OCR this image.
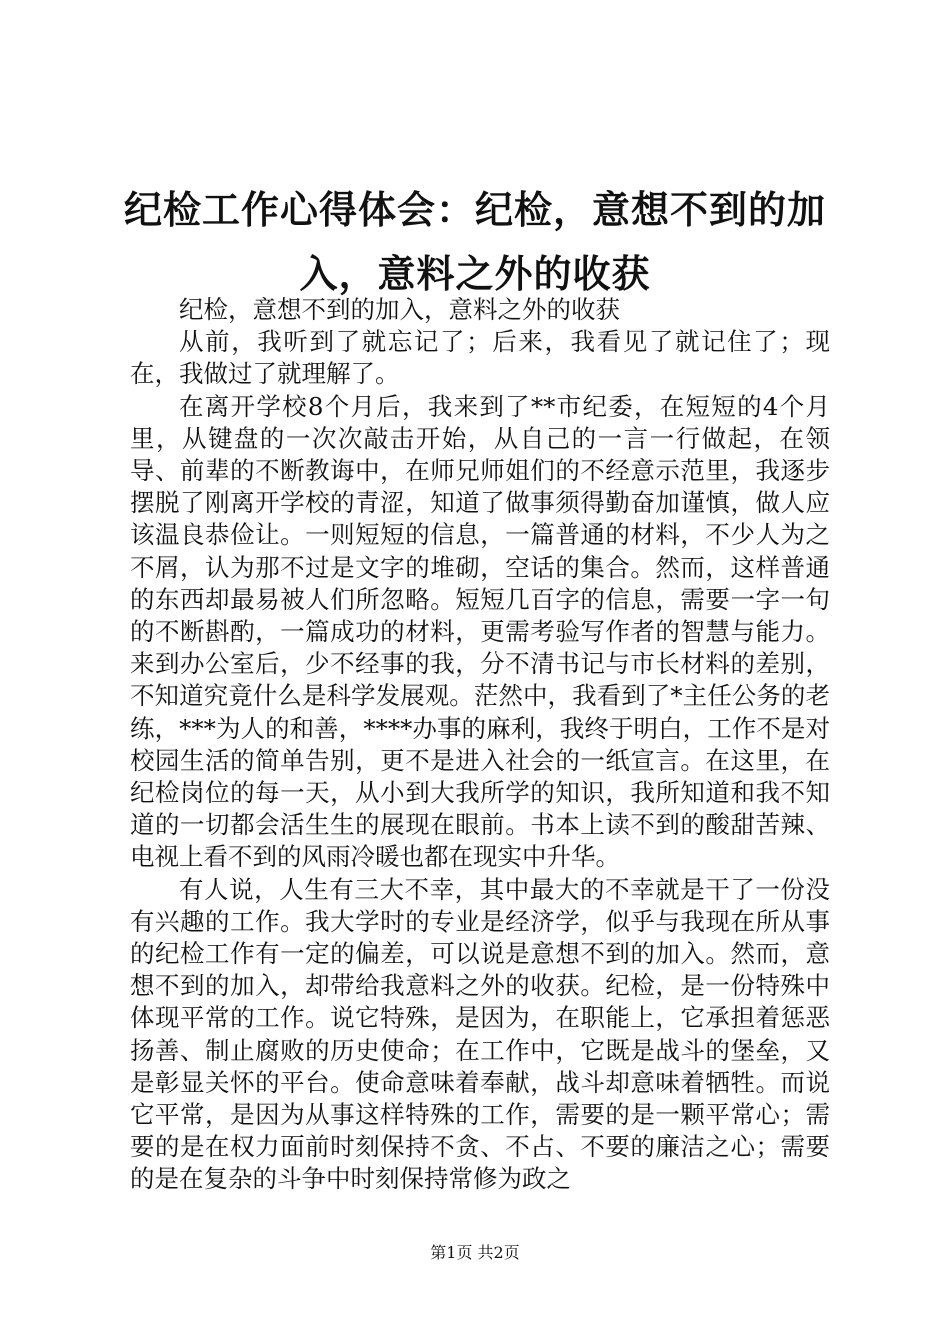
纪检工作心得体会：纪检，意想不到的加入，意料之外的收获

纪检，意想不到的加入，意料之外的收获

从前，我听到了就忘记了；后来，我看见了就记住了；现在，我做过了就理解了。

在离开学校8个月后，我来到了**市纪委，在短短的4个月里，从键盘的一次次敲击开始，从自己的一言一行做起，在领导、前辈的不断教诲中，在师兄师姐们的不经意示范里，我逐步摆脱了刚离开学校的青涩，知道了做事须得勤奋加谨慎，做人应该温良恭俭让。一则短短的信息，一篇普通的材料，不少人为之不屑，认为那不过是文字的堆砌，空话的集合。然而，这样普通的东西却最易被人们所忽略。短短几百字的信息，需要一字一句的不断斟酌，一篇成功的材料，更需考验写作者的智慧与能力。来到办公室后，少不经事的我，分不清书记与市长材料的差别，不知道究竟什么是科学发展观。茫然中，我看到了*主任公务的老练，***为人的和善，****办事的麻利，我终于明白，工作不是对校园生活的简单告别，更不是进入社会的一纸宣言。在这里，在纪检岗位的每一天，从小到大我所学的知识，我所知道和我不知道的一切都会活生生的展现在眼前。书本上读不到的酸甜苦辣、电视上看不到的风雨冷暖也都在现实中升华。

有人说，人生有三大不幸，其中最大的不幸就是干了一份没有兴趣的工作。我大学时的专业是经济学，似乎与我现在所从事的纪检工作有一定的偏差，可以说是意想不到的加入。然而，意想不到的加入，却带给我意料之外的收获。纪检，是一份特殊中体现平常的工作。说它特殊，是因为，在职能上，它承担着惩恶扬善、制止腐败的历史使命；在工作中，它既是战斗的堡垒，又是彰显关怀的平台。使命意味着奉献，战斗却意味着牺牲。而说它平常，是因为从事这样特殊的工作，需要的是一颗平常心；需要的是在权力面前时刻保持不贪、不占、不要的廉洁之心；需要的是在复杂的斗争中时刻保持常修为政之

第1页 共2页
